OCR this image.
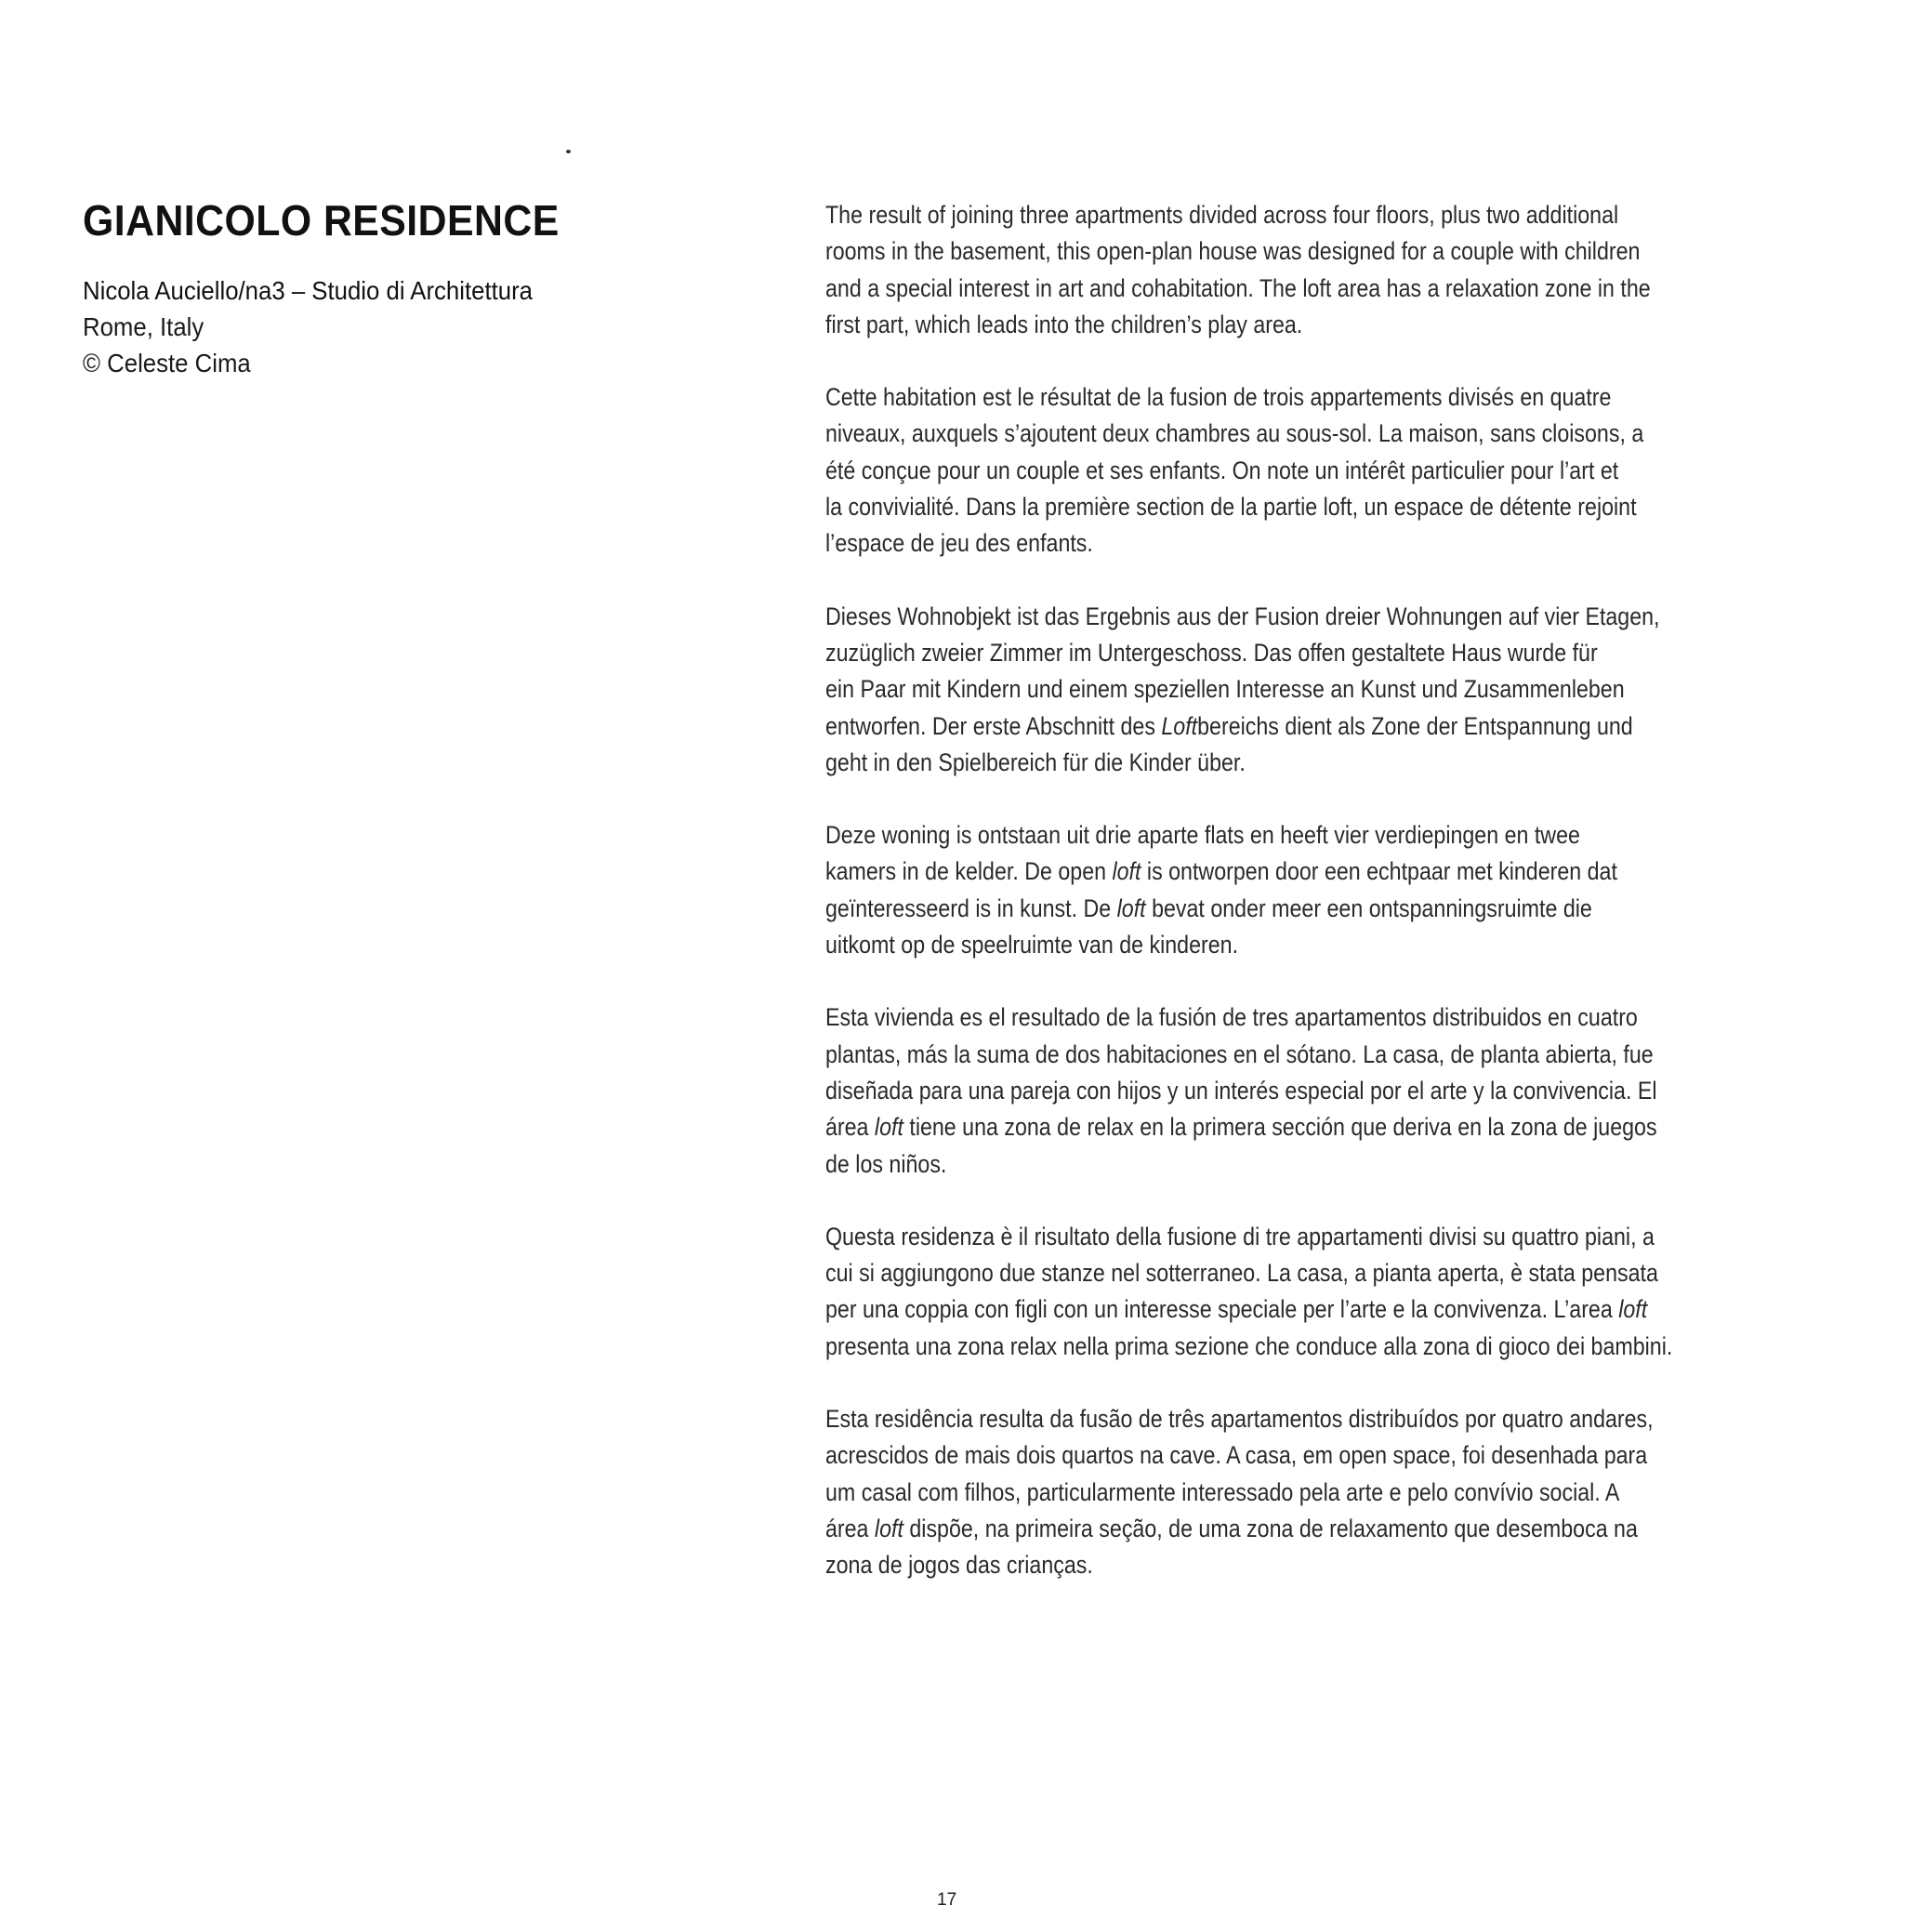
GIANICOLO RESIDENCE
Nicola Auciello/na3 – Studio di Architettura
Rome, Italy
© Celeste Cima

The result of joining three apartments divided across four floors, plus two additional
rooms in the basement, this open-plan house was designed for a couple with children
and a special interest in art and cohabitation. The loft area has a relaxation zone in the
first part, which leads into the children’s play area.

Cette habitation est le résultat de la fusion de trois appartements divisés en quatre
niveaux, auxquels s’ajoutent deux chambres au sous-sol. La maison, sans cloisons, a
été conçue pour un couple et ses enfants. On note un intérêt particulier pour l’art et
la convivialité. Dans la première section de la partie loft, un espace de détente rejoint
l’espace de jeu des enfants.

Dieses Wohnobjekt ist das Ergebnis aus der Fusion dreier Wohnungen auf vier Etagen,
zuzüglich zweier Zimmer im Untergeschoss. Das offen gestaltete Haus wurde für
ein Paar mit Kindern und einem speziellen Interesse an Kunst und Zusammenleben
entworfen. Der erste Abschnitt des Loftbereichs dient als Zone der Entspannung und
geht in den Spielbereich für die Kinder über.

Deze woning is ontstaan uit drie aparte flats en heeft vier verdiepingen en twee
kamers in de kelder. De open loft is ontworpen door een echtpaar met kinderen dat
geïnteresseerd is in kunst. De loft bevat onder meer een ontspanningsruimte die
uitkomt op de speelruimte van de kinderen.

Esta vivienda es el resultado de la fusión de tres apartamentos distribuidos en cuatro
plantas, más la suma de dos habitaciones en el sótano. La casa, de planta abierta, fue
diseñada para una pareja con hijos y un interés especial por el arte y la convivencia. El
área loft tiene una zona de relax en la primera sección que deriva en la zona de juegos
de los niños.

Questa residenza è il risultato della fusione di tre appartamenti divisi su quattro piani, a
cui si aggiungono due stanze nel sotterraneo. La casa, a pianta aperta, è stata pensata
per una coppia con figli con un interesse speciale per l’arte e la convivenza. L’area loft
presenta una zona relax nella prima sezione che conduce alla zona di gioco dei bambini.

Esta residência resulta da fusão de três apartamentos distribuídos por quatro andares,
acrescidos de mais dois quartos na cave. A casa, em open space, foi desenhada para
um casal com filhos, particularmente interessado pela arte e pelo convívio social. A
área loft dispõe, na primeira seção, de uma zona de relaxamento que desemboca na
zona de jogos das crianças.

17
